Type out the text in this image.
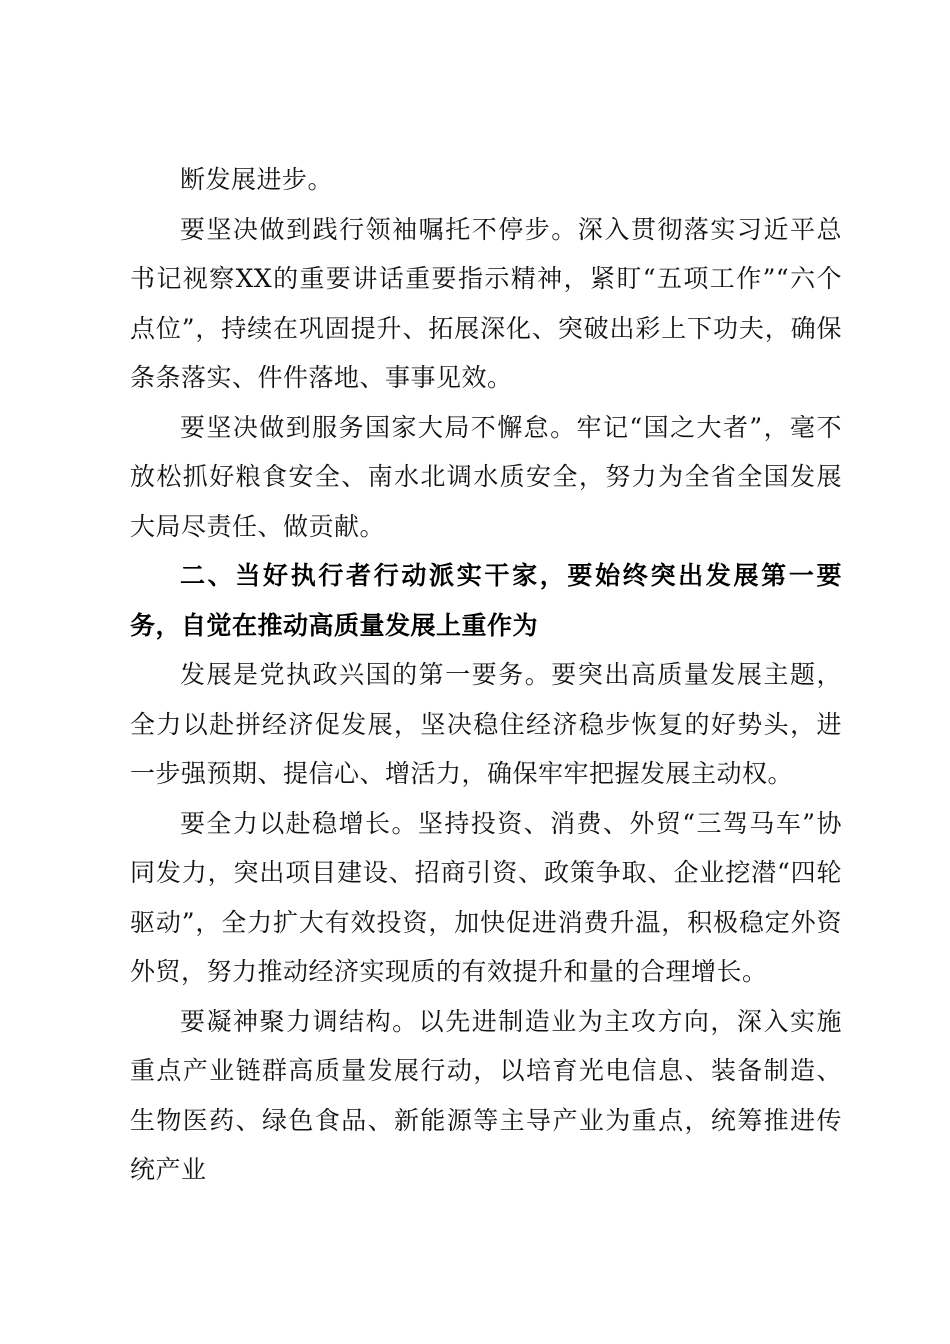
断发展进步。

要坚决做到践行领袖嘱托不停步。深入贯彻落实习近平总书记视察XX的重要讲话重要指示精神，紧盯“五项工作”“六个点位”，持续在巩固提升、拓展深化、突破出彩上下功夫，确保条条落实、件件落地、事事见效。

要坚决做到服务国家大局不懈怠。牢记“国之大者”，毫不放松抓好粮食安全、南水北调水质安全，努力为全省全国发展大局尽责任、做贡献。

二、当好执行者行动派实干家，要始终突出发展第一要务，自觉在推动高质量发展上重作为

发展是党执政兴国的第一要务。要突出高质量发展主题，全力以赴拼经济促发展，坚决稳住经济稳步恢复的好势头，进一步强预期、提信心、增活力，确保牢牢把握发展主动权。

要全力以赴稳增长。坚持投资、消费、外贸“三驾马车”协同发力，突出项目建设、招商引资、政策争取、企业挖潜“四轮驱动”，全力扩大有效投资，加快促进消费升温，积极稳定外资外贸，努力推动经济实现质的有效提升和量的合理增长。

要凝神聚力调结构。以先进制造业为主攻方向，深入实施重点产业链群高质量发展行动，以培育光电信息、装备制造、生物医药、绿色食品、新能源等主导产业为重点，统筹推进传统产业
